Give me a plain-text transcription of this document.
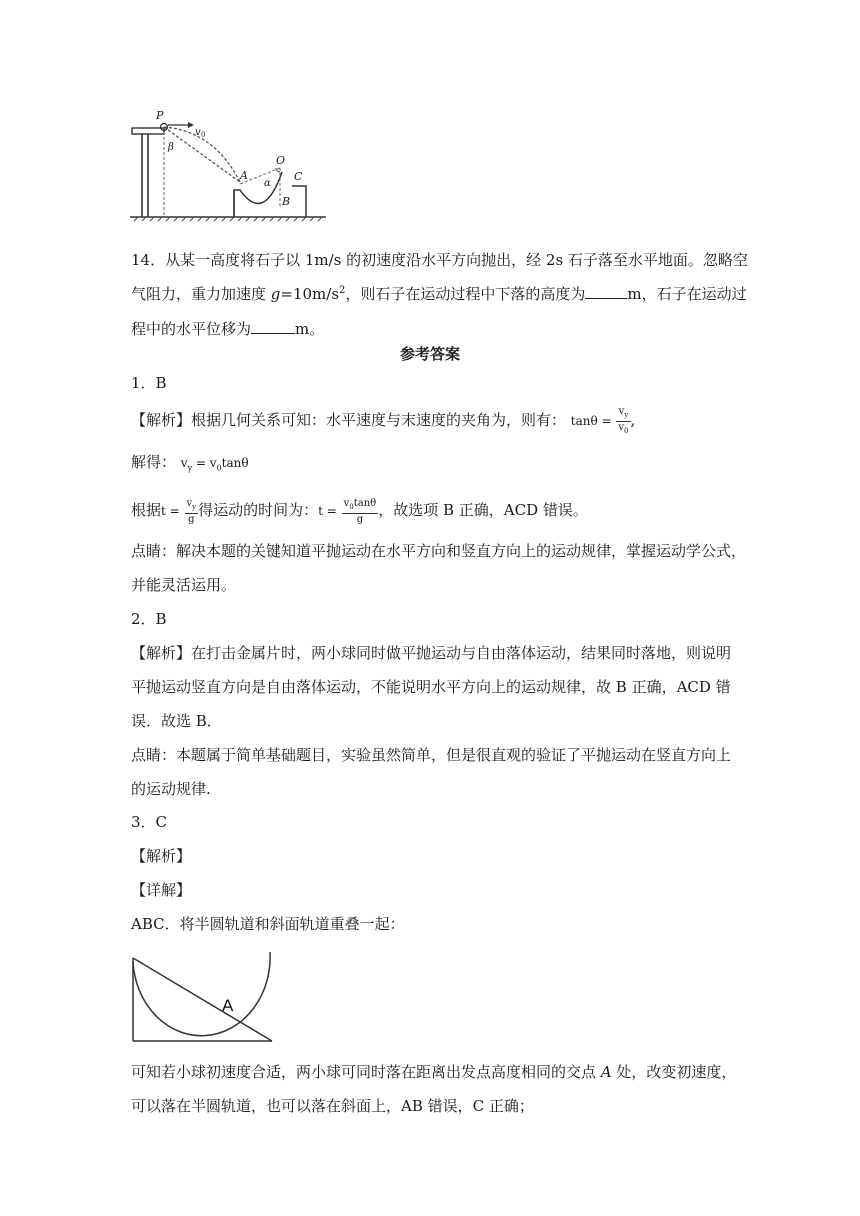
P
v 0
β
O
A
α
C
B
14．从某一高度将石子以 1m/s 的初速度沿水平方向抛出，经 2s 石子落至水平地面。忽略空
气阻力，重力加速度 $g=10m/s^2$，则石子在运动过程中下落的高度为	m，石子在运动过
程中的水平位移为	m。
参考答案
1．B
【解析】根据几何关系可知：水平速度与末速度的夹角为，则有： $\tan\theta = \frac{v_y}{v_0}$ ,
解得： $v_y = v_0\tan\theta$
根据$t = \frac{v_y}{g}$ 得运动的时间为：$t = \frac{v_0\tan\theta}{g}$ ，故选项 B 正确，ACD 错误。
点睛：解决本题的关键知道平抛运动在水平方向和竖直方向上的运动规律，掌握运动学公式，
并能灵活运用。
2．B
【解析】在打击金属片时，两小球同时做平抛运动与自由落体运动，结果同时落地，则说明
平抛运动竖直方向是自由落体运动，不能说明水平方向上的运动规律，故 B 正确，ACD 错
误．故选 B．
点睛：本题属于简单基础题目，实验虽然简单，但是很直观的验证了平抛运动在竖直方向上
的运动规律.
3．C
【解析】
【详解】
ABC．将半圆轨道和斜面轨道重叠一起：
A
可知若小球初速度合适，两小球可同时落在距离出发点高度相同的交点 A 处，改变初速度，
可以落在半圆轨道，也可以落在斜面上，AB 错误，C 正确；
